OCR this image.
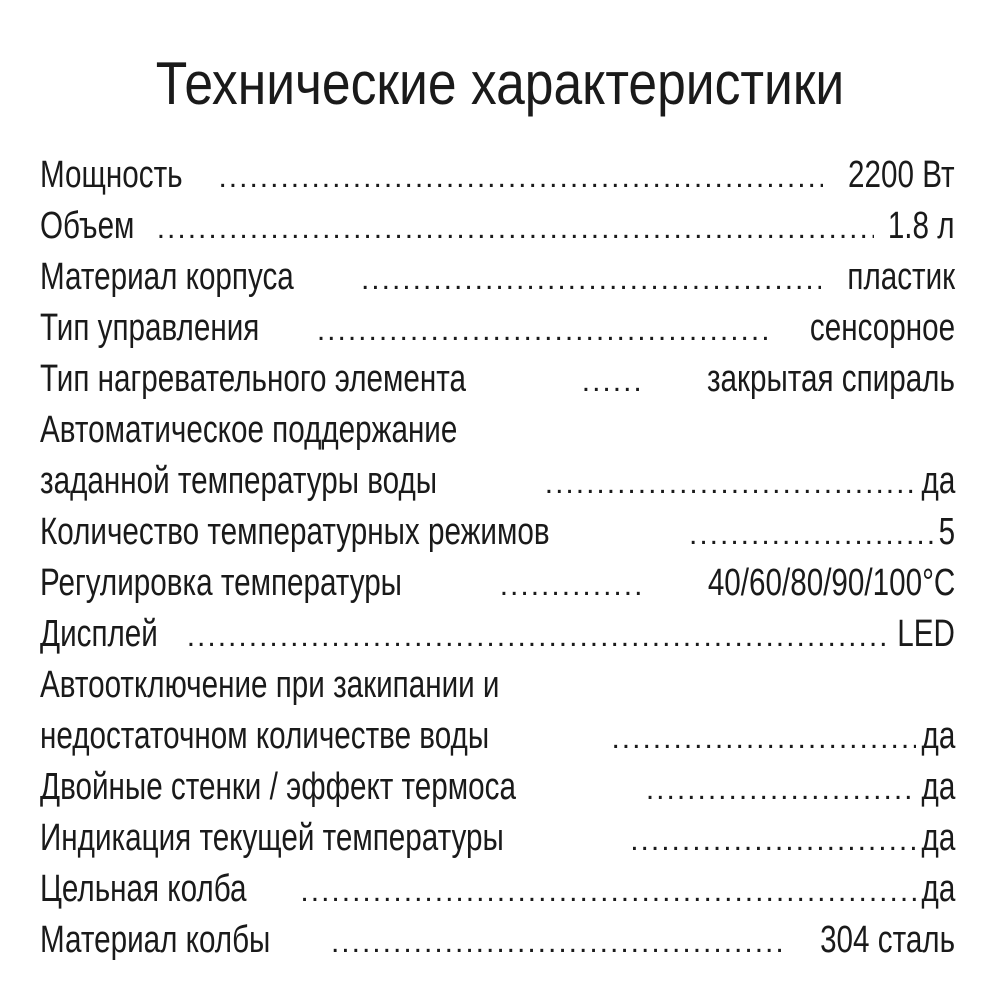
Технические характеристики
Мощность .....	2200 Вт
Объем .....	1.8 л
Материал корпуса .....	пластик
Тип управления .....	сенсорное
Тип нагревательного элемента .....	закрытая спираль
Автоматическое поддержание
заданной температуры воды .....	да
Количество температурных режимов .....	5
Регулировка температуры .....	40/60/80/90/100°С
Дисплей .....	LED
Автоотключение при закипании и
недостаточном количестве воды .....	да
Двойные стенки / эффект термоса .....	да
Индикация текущей температуры .....	да
Цельная колба .....	да
Материал колбы .....	304 сталь
